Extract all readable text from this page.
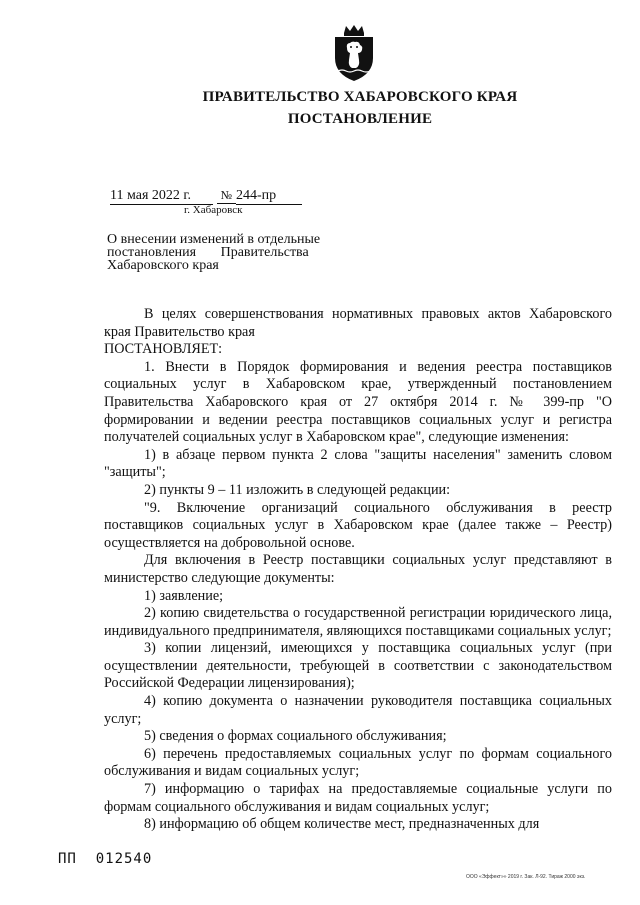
ПРАВИТЕЛЬСТВО ХАБАРОВСКОГО КРАЯ
ПОСТАНОВЛЕНИЕ
11 мая 2022 г. № 244-пр
г. Хабаровск
О внесении изменений в отдельные
постановления       Правительства
Хабаровского края

В целях совершенствования нормативных правовых актов Хабаровского края Правительство края

ПОСТАНОВЛЯЕТ:

1. Внести в Порядок формирования и ведения реестра поставщиков социальных услуг в Хабаровском крае, утвержденный постановлением Правительства Хабаровского края от 27 октября 2014 г. № 399-пр "О формировании и ведении реестра поставщиков социальных услуг и регистра получателей социальных услуг в Хабаровском крае", следующие изменения:

1) в абзаце первом пункта 2 слова "защиты населения" заменить словом "защиты";

2) пункты 9 – 11 изложить в следующей редакции:

"9. Включение организаций социального обслуживания в реестр поставщиков социальных услуг в Хабаровском крае (далее также – Реестр) осуществляется на добровольной основе.

Для включения в Реестр поставщики социальных услуг представляют в министерство следующие документы:

1) заявление;

2) копию свидетельства о государственной регистрации юридического лица, индивидуального предпринимателя, являющихся поставщиками социальных услуг;

3) копии лицензий, имеющихся у поставщика социальных услуг (при осуществлении деятельности, требующей в соответствии с законодательством Российской Федерации лицензирования);

4) копию документа о назначении руководителя поставщика социальных услуг;

5) сведения о формах социального обслуживания;

6) перечень предоставляемых социальных услуг по формам социального обслуживания и видам социальных услуг;

7) информацию о тарифах на предоставляемые социальные услуги по формам социального обслуживания и видам социальных услуг;

8) информацию об общем количестве мест, предназначенных для

ПП  012540
ООО «Эффект»» 2019 г. Зак. Л-92. Тираж 2000 экз.
